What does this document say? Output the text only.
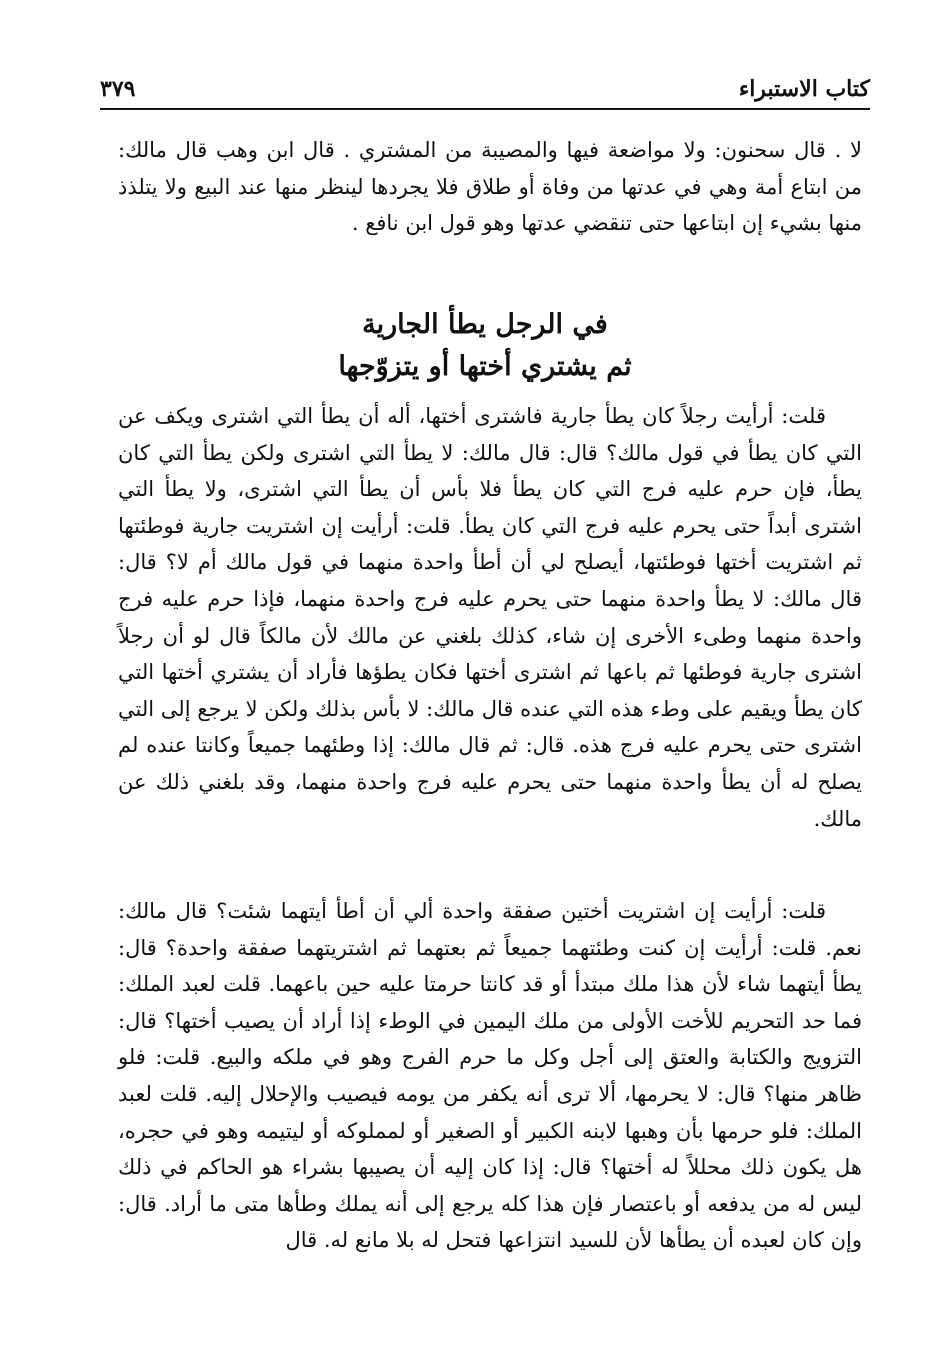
كتاب الاستبراء
٣٧٩

لا . قال سحنون: ولا مواضعة فيها والمصيبة من المشتري . قال ابن وهب قال مالك: من ابتاع أمة وهي في عدتها من وفاة أو طلاق فلا يجردها لينظر منها عند البيع ولا يتلذذ منها بشيء إن ابتاعها حتى تنقضي عدتها وهو قول ابن نافع .

في الرجل يطأ الجارية
ثم يشتري أختها أو يتزوّجها

قلت: أرأيت رجلاً كان يطأ جارية فاشترى أختها، أله أن يطأ التي اشترى ويكف عن التي كان يطأ في قول مالك؟ قال: قال مالك: لا يطأ التي اشترى ولكن يطأ التي كان يطأ، فإن حرم عليه فرج التي كان يطأ فلا بأس أن يطأ التي اشترى، ولا يطأ التي اشترى أبداً حتى يحرم عليه فرج التي كان يطأ. قلت: أرأيت إن اشتريت جارية فوطئتها ثم اشتريت أختها فوطئتها، أيصلح لي أن أطأ واحدة منهما في قول مالك أم لا؟ قال: قال مالك: لا يطأ واحدة منهما حتى يحرم عليه فرج واحدة منهما، فإذا حرم عليه فرج واحدة منهما وطىء الأخرى إن شاء، كذلك بلغني عن مالك لأن مالكاً قال لو أن رجلاً اشترى جارية فوطئها ثم باعها ثم اشترى أختها فكان يطؤها فأراد أن يشتري أختها التي كان يطأ ويقيم على وطء هذه التي عنده قال مالك: لا بأس بذلك ولكن لا يرجع إلى التي اشترى حتى يحرم عليه فرج هذه. قال: ثم قال مالك: إذا وطئهما جميعاً وكانتا عنده لم يصلح له أن يطأ واحدة منهما حتى يحرم عليه فرج واحدة منهما، وقد بلغني ذلك عن مالك.

قلت: أرأيت إن اشتريت أختين صفقة واحدة ألي أن أطأ أيتهما شئت؟ قال مالك: نعم. قلت: أرأيت إن كنت وطئتهما جميعاً ثم بعتهما ثم اشتريتهما صفقة واحدة؟ قال: يطأ أيتهما شاء لأن هذا ملك مبتدأ أو قد كانتا حرمتا عليه حين باعهما. قلت لعبد الملك: فما حد التحريم للأخت الأولى من ملك اليمين في الوطء إذا أراد أن يصيب أختها؟ قال: التزويج والكتابة والعتق إلى أجل وكل ما حرم الفرج وهو في ملكه والبيع. قلت: فلو ظاهر منها؟ قال: لا يحرمها، ألا ترى أنه يكفر من يومه فيصيب والإحلال إليه. قلت لعبد الملك: فلو حرمها بأن وهبها لابنه الكبير أو الصغير أو لمملوكه أو ليتيمه وهو في حجره، هل يكون ذلك محللاً له أختها؟ قال: إذا كان إليه أن يصيبها بشراء هو الحاكم في ذلك ليس له من يدفعه أو باعتصار فإن هذا كله يرجع إلى أنه يملك وطأها متى ما أراد. قال: وإن كان لعبده أن يطأها لأن للسيد انتزاعها فتحل له بلا مانع له. قال
